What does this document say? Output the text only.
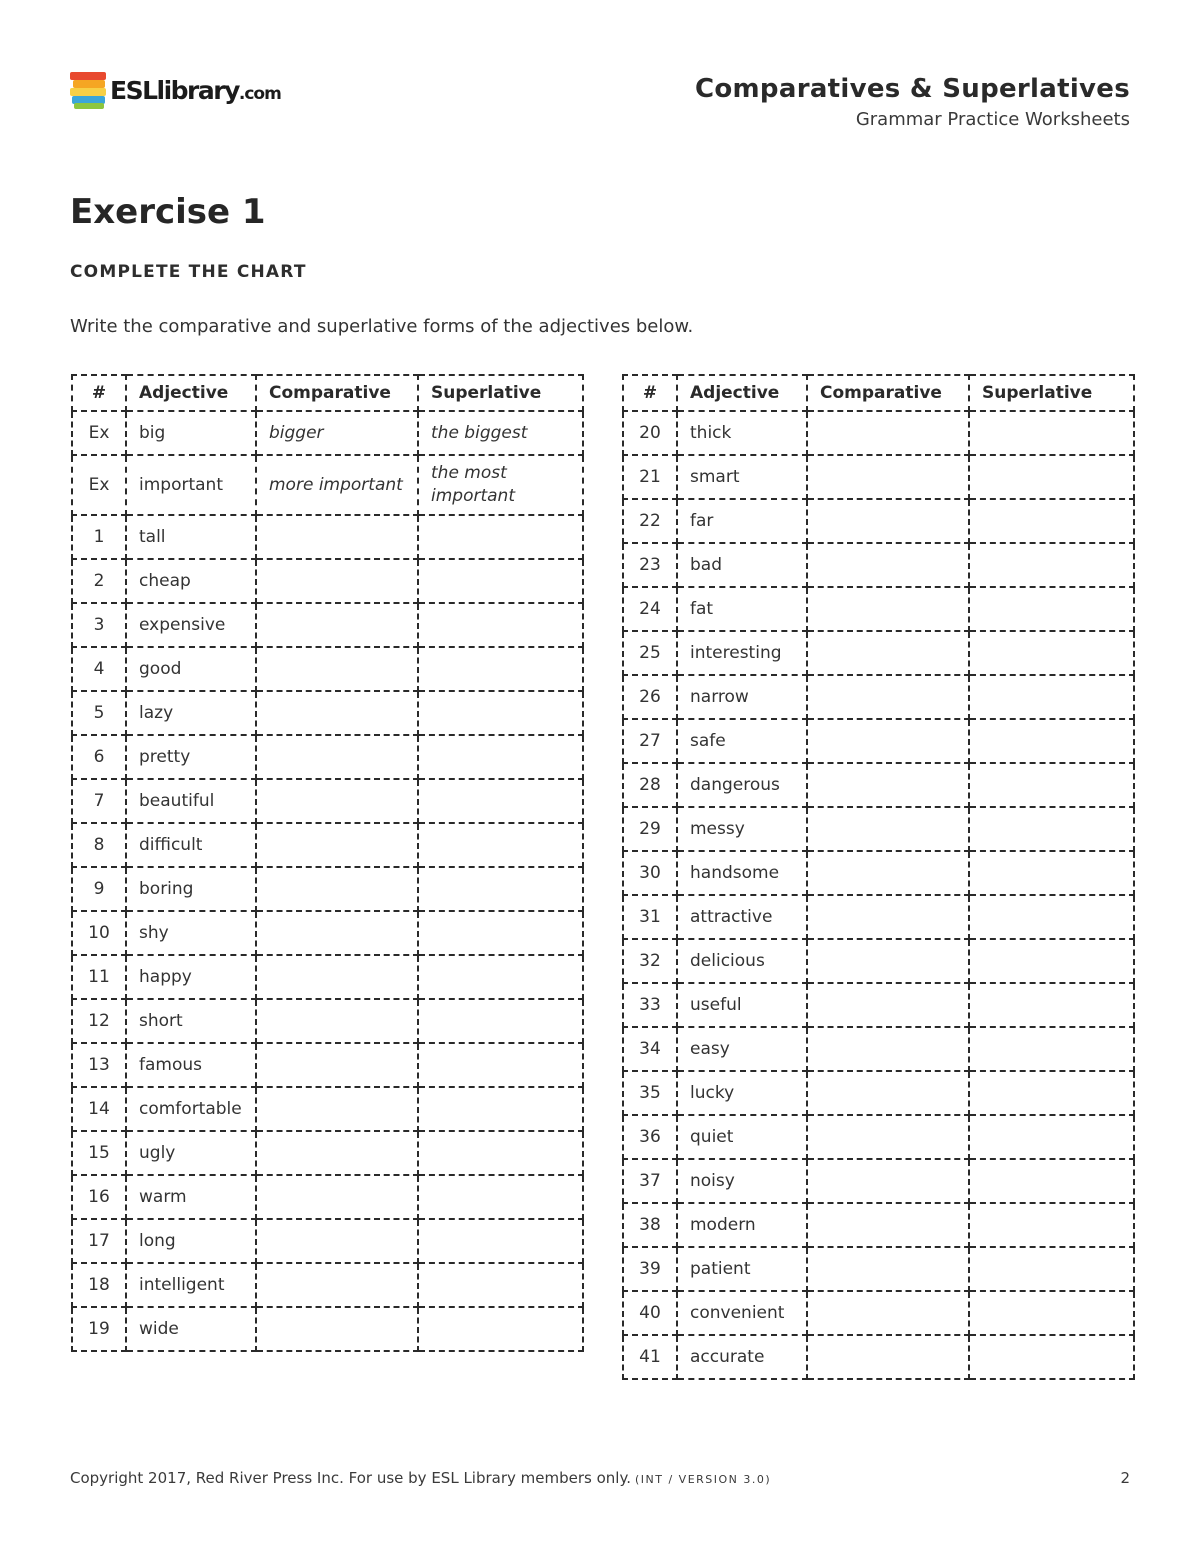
ESLlibrary.com	Comparatives & Superlatives
Grammar Practice Worksheets
Exercise 1
COMPLETE THE CHART
Write the comparative and superlative forms of the adjectives below.
#	Adjective	Comparative	Superlative
Ex	big	bigger	the biggest
Ex	important	more important	the most important
1	tall		
2	cheap		
3	expensive		
4	good		
5	lazy		
6	pretty		
7	beautiful		
8	difficult		
9	boring		
10	shy		
11	happy		
12	short		
13	famous		
14	comfortable		
15	ugly		
16	warm		
17	long		
18	intelligent		
19	wide		
#	Adjective	Comparative	Superlative
20	thick		
21	smart		
22	far		
23	bad		
24	fat		
25	interesting		
26	narrow		
27	safe		
28	dangerous		
29	messy		
30	handsome		
31	attractive		
32	delicious		
33	useful		
34	easy		
35	lucky		
36	quiet		
37	noisy		
38	modern		
39	patient		
40	convenient		
41	accurate		
Copyright 2017, Red River Press Inc. For use by ESL Library members only. (INT / VERSION 3.0)	2
